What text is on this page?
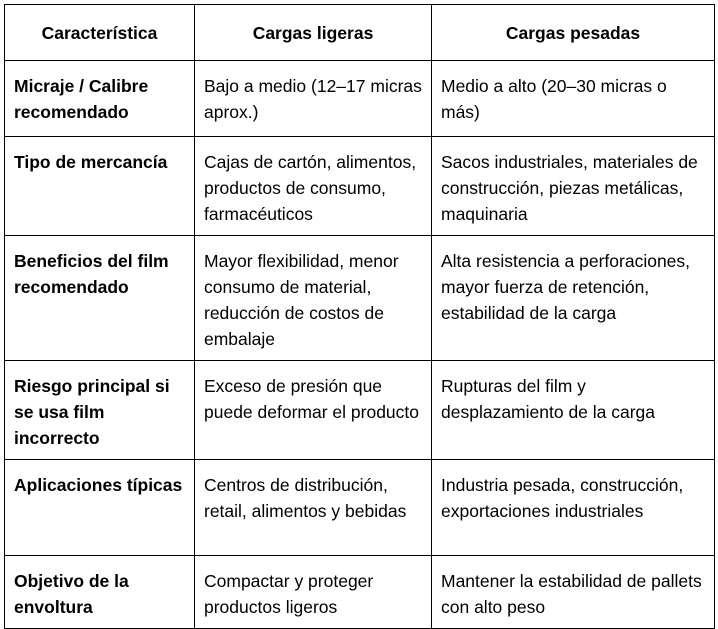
Característica	Cargas ligeras	Cargas pesadas
Micraje / Calibre recomendado	Bajo a medio (12–17 micras aprox.)	Medio a alto (20–30 micras o más)
Tipo de mercancía	Cajas de cartón, alimentos, productos de consumo, farmacéuticos	Sacos industriales, materiales de construcción, piezas metálicas, maquinaria
Beneficios del film recomendado	Mayor flexibilidad, menor consumo de material, reducción de costos de embalaje	Alta resistencia a perforaciones, mayor fuerza de retención, estabilidad de la carga
Riesgo principal si se usa film incorrecto	Exceso de presión que puede deformar el producto	Rupturas del film y desplazamiento de la carga
Aplicaciones típicas	Centros de distribución, retail, alimentos y bebidas	Industria pesada, construcción, exportaciones industriales
Objetivo de la envoltura	Compactar y proteger productos ligeros	Mantener la estabilidad de pallets con alto peso
